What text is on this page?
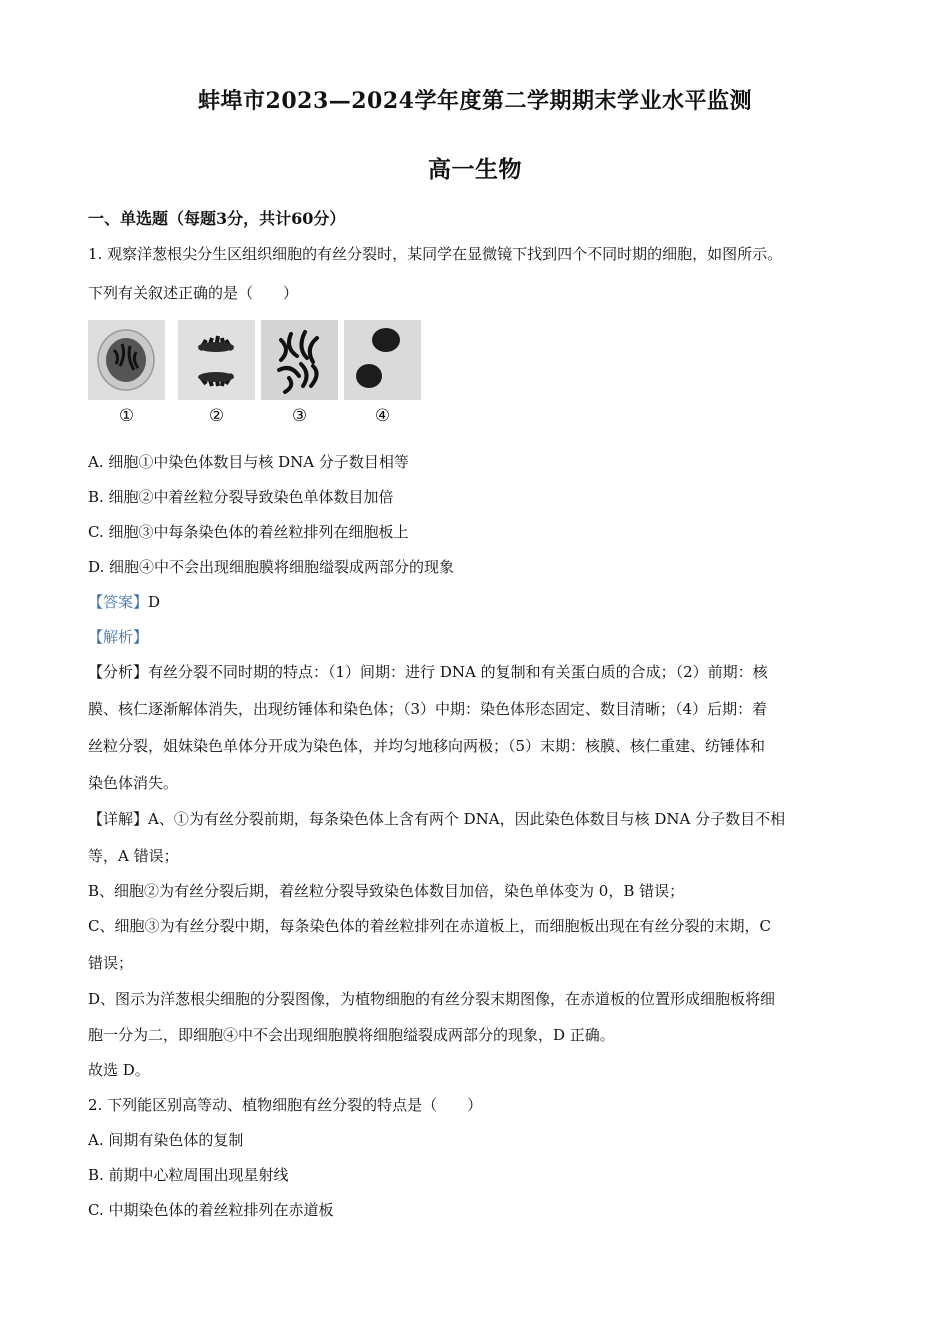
蚌埠市2023—2024学年度第二学期期末学业水平监测
高一生物
一、单选题（每题3分，共计60分）
1. 观察洋葱根尖分生区组织细胞的有丝分裂时，某同学在显微镜下找到四个不同时期的细胞，如图所示。
下列有关叙述正确的是（　　）
①	②	③	④
A. 细胞①中染色体数目与核 DNA 分子数目相等
B. 细胞②中着丝粒分裂导致染色单体数目加倍
C. 细胞③中每条染色体的着丝粒排列在细胞板上
D. 细胞④中不会出现细胞膜将细胞缢裂成两部分的现象
【答案】D
【解析】
【分析】有丝分裂不同时期的特点：（1）间期：进行 DNA 的复制和有关蛋白质的合成；（2）前期：核
膜、核仁逐渐解体消失，出现纺锤体和染色体；（3）中期：染色体形态固定、数目清晰；（4）后期：着
丝粒分裂，姐妹染色单体分开成为染色体，并均匀地移向两极；（5）末期：核膜、核仁重建、纺锤体和
染色体消失。
【详解】A、①为有丝分裂前期，每条染色体上含有两个 DNA，因此染色体数目与核 DNA 分子数目不相
等，A 错误；
B、细胞②为有丝分裂后期，着丝粒分裂导致染色体数目加倍，染色单体变为 0，B 错误；
C、细胞③为有丝分裂中期，每条染色体的着丝粒排列在赤道板上，而细胞板出现在有丝分裂的末期，C
错误；
D、图示为洋葱根尖细胞的分裂图像，为植物细胞的有丝分裂末期图像，在赤道板的位置形成细胞板将细
胞一分为二，即细胞④中不会出现细胞膜将细胞缢裂成两部分的现象，D 正确。
故选 D。
2. 下列能区别高等动、植物细胞有丝分裂的特点是（　　）
A. 间期有染色体的复制
B. 前期中心粒周围出现星射线
C. 中期染色体的着丝粒排列在赤道板
